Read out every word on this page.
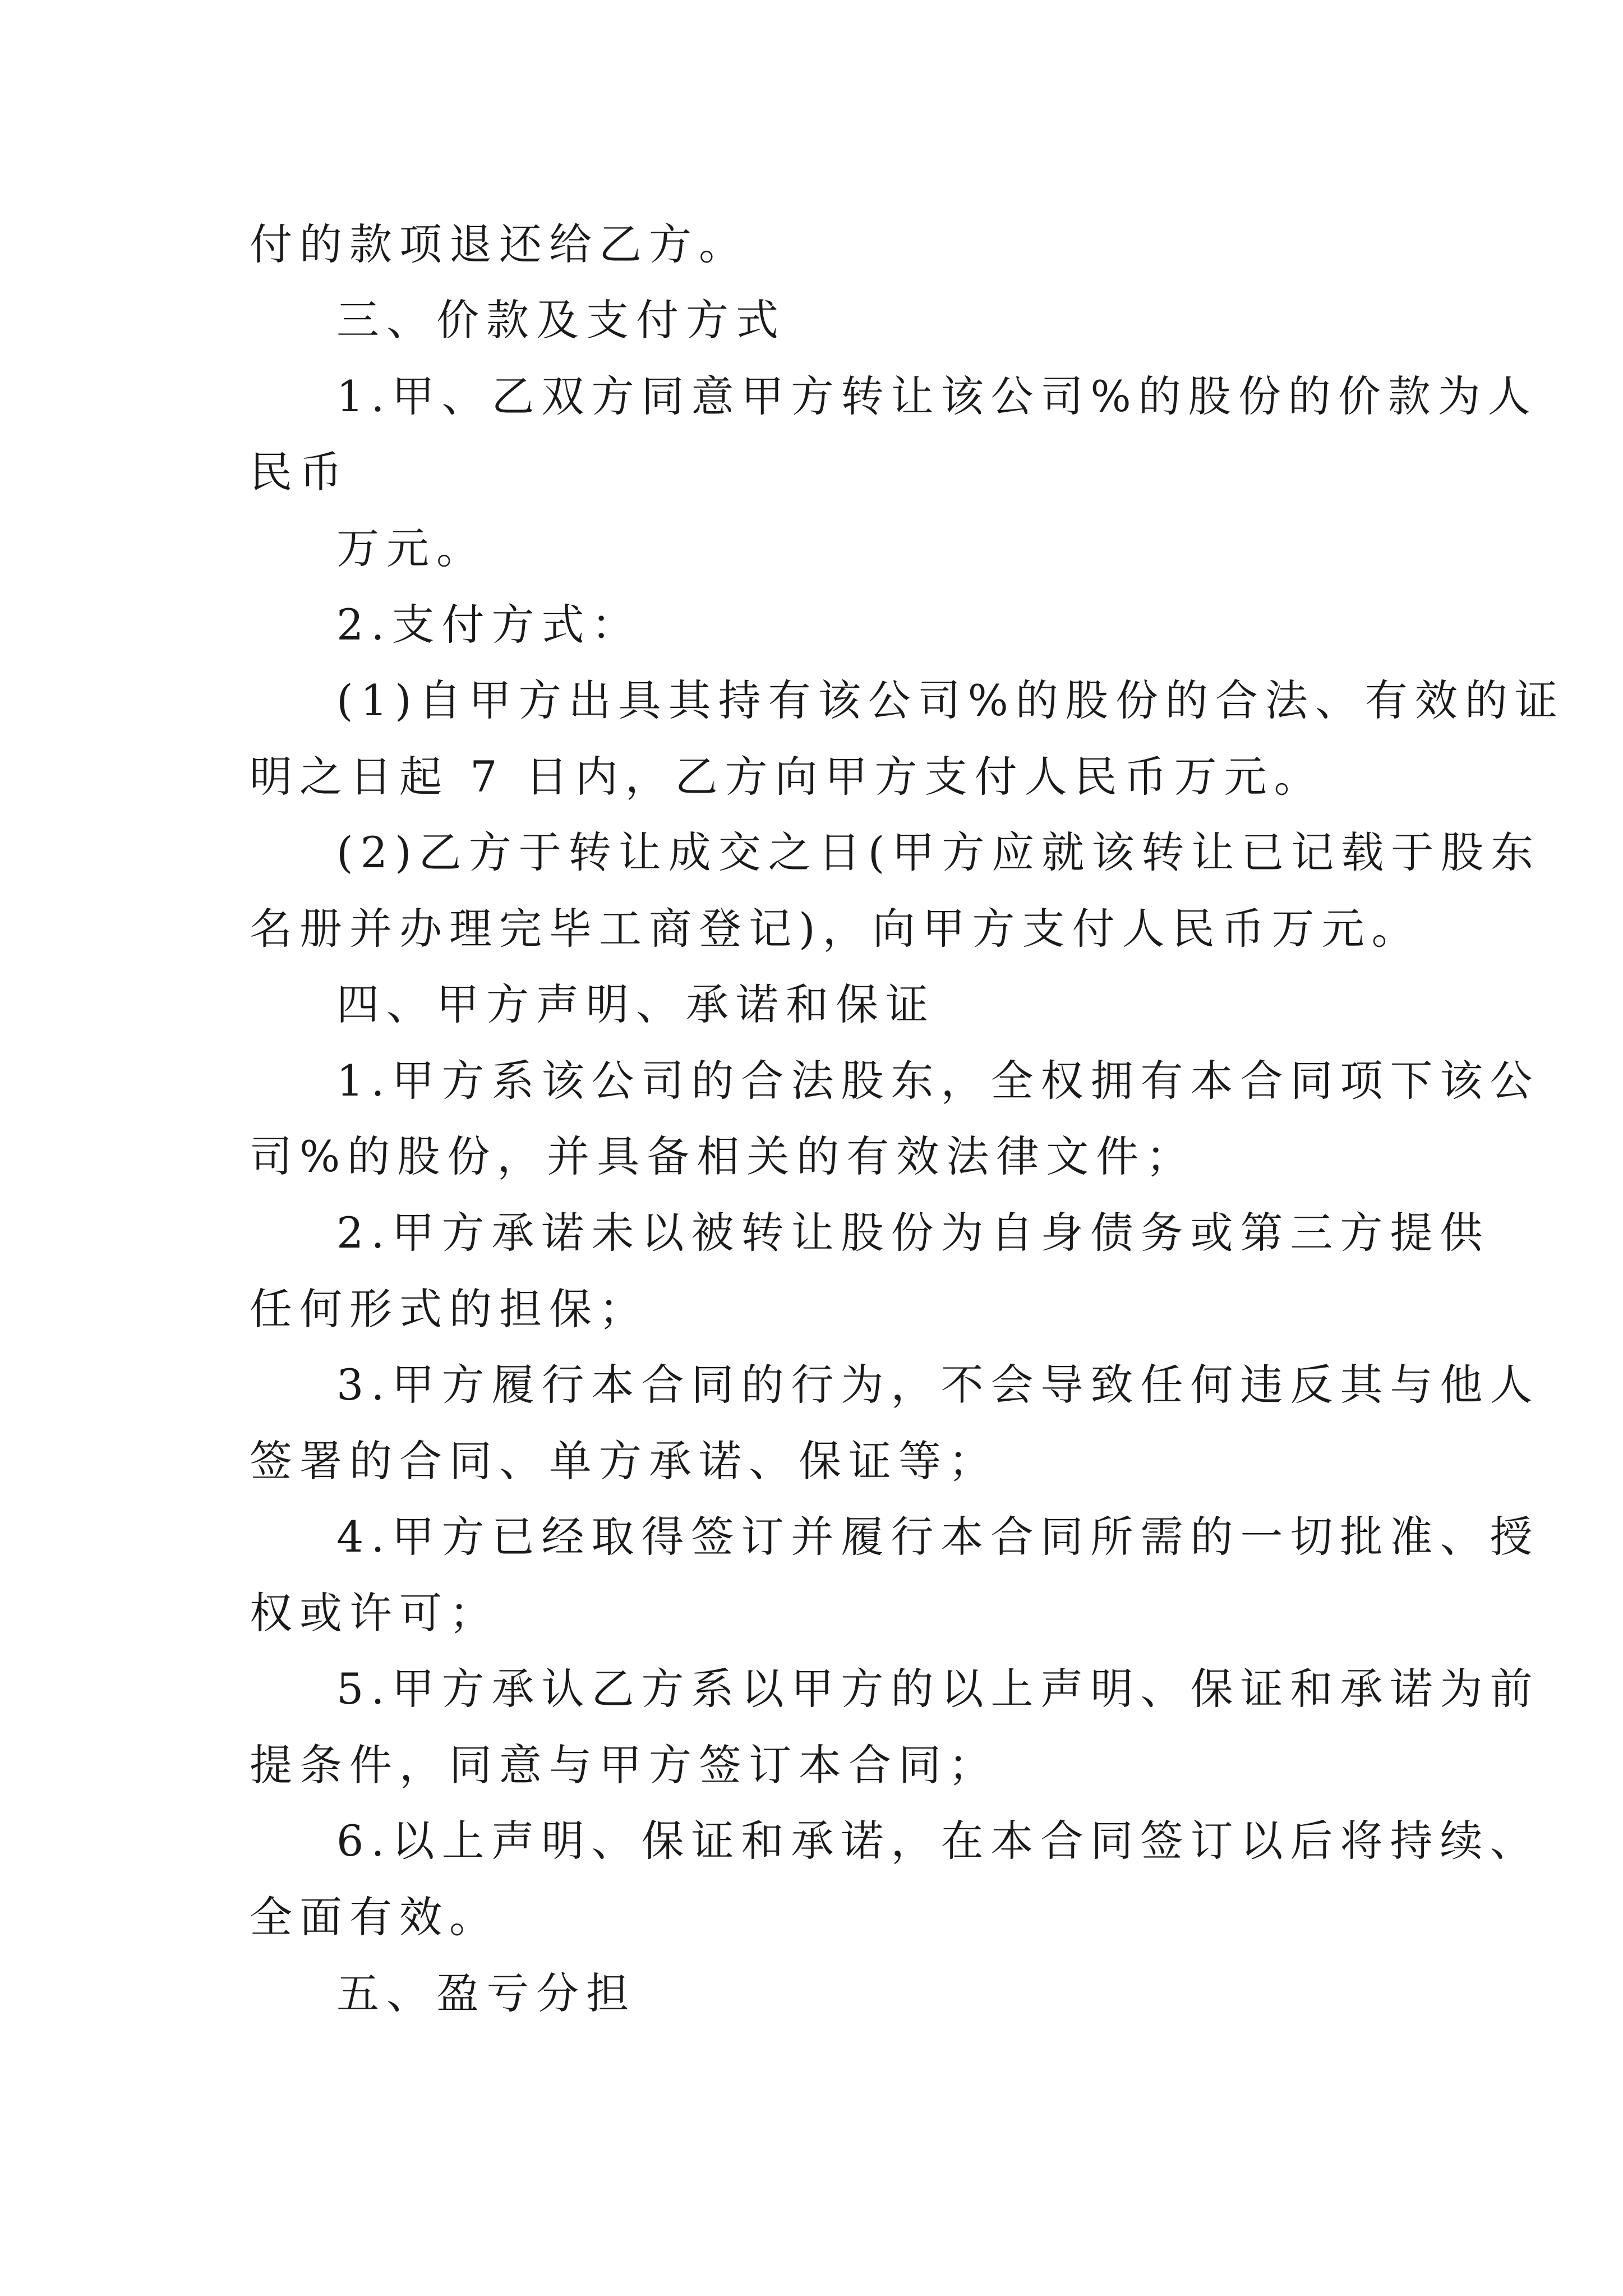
付的款项退还给乙方。
三、价款及支付方式
1.甲、乙双方同意甲方转让该公司%的股份的价款为人
民币
万元。
2.支付方式：
(1)自甲方出具其持有该公司%的股份的合法、有效的证
明之日起 7 日内，乙方向甲方支付人民币万元。
(2)乙方于转让成交之日(甲方应就该转让已记载于股东
名册并办理完毕工商登记)，向甲方支付人民币万元。
四、甲方声明、承诺和保证
1.甲方系该公司的合法股东，全权拥有本合同项下该公
司%的股份，并具备相关的有效法律文件；
2.甲方承诺未以被转让股份为自身债务或第三方提供
任何形式的担保；
3.甲方履行本合同的行为，不会导致任何违反其与他人
签署的合同、单方承诺、保证等；
4.甲方已经取得签订并履行本合同所需的一切批准、授
权或许可；
5.甲方承认乙方系以甲方的以上声明、保证和承诺为前
提条件，同意与甲方签订本合同；
6.以上声明、保证和承诺，在本合同签订以后将持续、
全面有效。
五、盈亏分担
